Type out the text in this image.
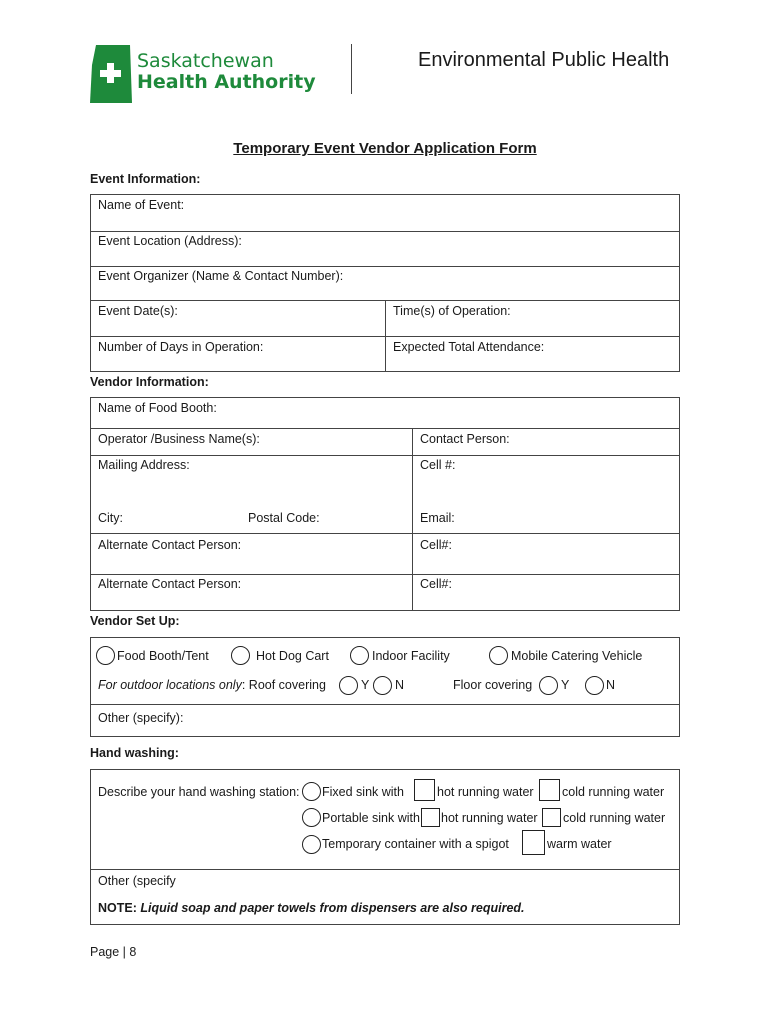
Saskatchewan
Health Authority
Environmental Public Health
Temporary Event Vendor Application Form
Event Information:
Name of Event:
Event Location (Address):
Event Organizer (Name & Contact Number):
Event Date(s):	Time(s) of Operation:
Number of Days in Operation:	Expected Total Attendance:
Vendor Information:
Name of Food Booth:
Operator /Business Name(s):	Contact Person:
Mailing Address:	Cell #:
City:	Postal Code:	Email:
Alternate Contact Person:	Cell#:
Alternate Contact Person:	Cell#:
Vendor Set Up:
Food Booth/Tent	Hot Dog Cart	Indoor Facility	Mobile Catering Vehicle
For outdoor locations only: Roof covering	Y N	Floor covering Y	N
Other (specify):
Hand washing:
Describe your hand washing station: Fixed sink with	hot running water cold running water
Portable sink with hot running water cold running water
Temporary container with a spigot	warm water
Other (specify
NOTE: Liquid soap and paper towels from dispensers are also required.
Page | 8
